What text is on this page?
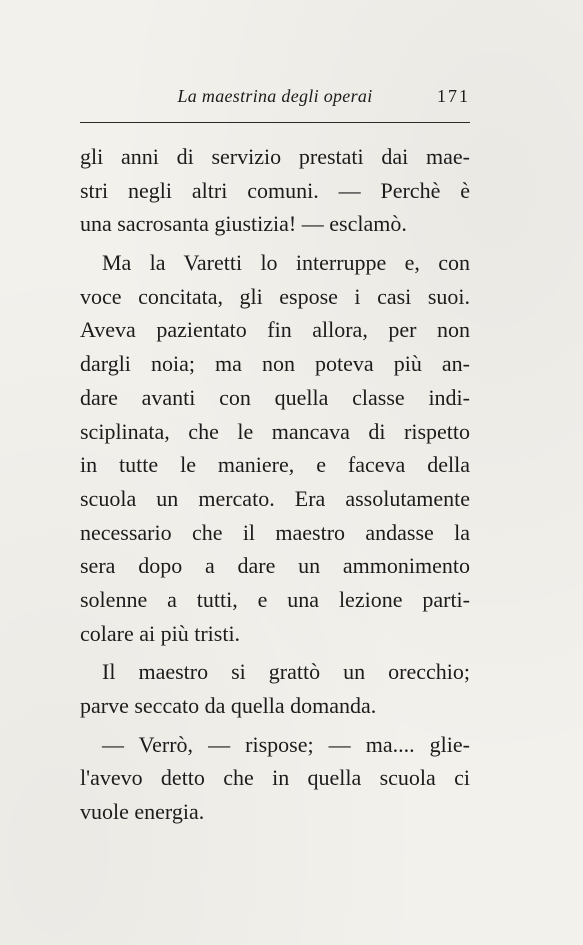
La maestrina degli operai	171
gli anni di servizio prestati dai mae-
stri negli altri comuni. — Perchè è
una sacrosanta giustizia! — esclamò.
Ma la Varetti lo interruppe e, con
voce concitata, gli espose i casi suoi.
Aveva pazientato fin allora, per non
dargli noia; ma non poteva più an-
dare avanti con quella classe indi-
sciplinata, che le mancava di rispetto
in tutte le maniere, e faceva della
scuola un mercato. Era assolutamente
necessario che il maestro andasse la
sera dopo a dare un ammonimento
solenne a tutti, e una lezione parti-
colare ai più tristi.
Il maestro si grattò un orecchio;
parve seccato da quella domanda.
— Verrò, — rispose; — ma.... glie-
l'avevo detto che in quella scuola ci
vuole energia.
